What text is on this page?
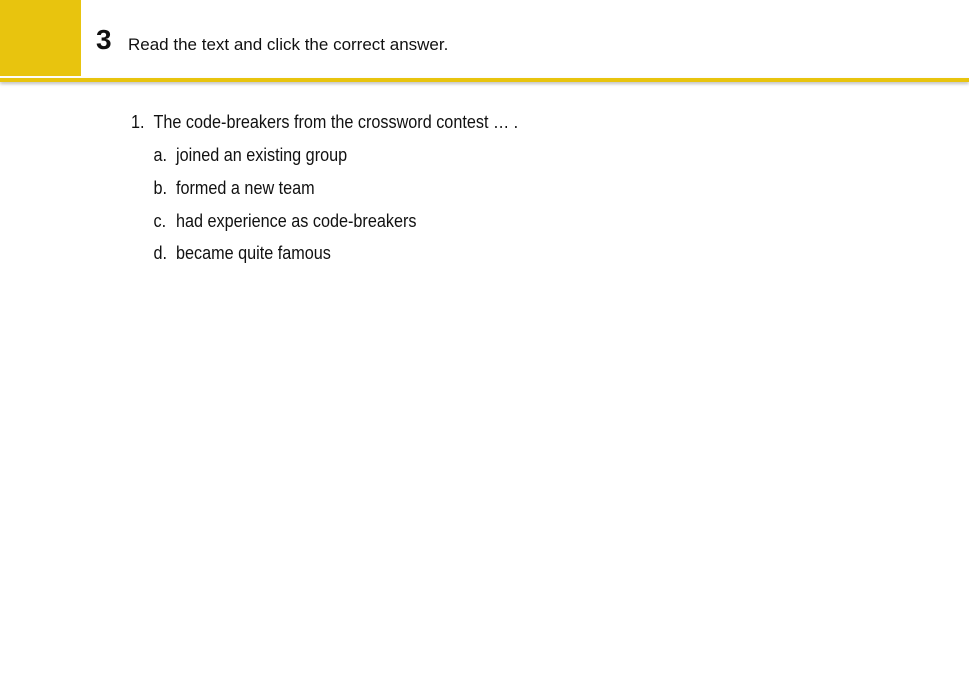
3 Read the text and click the correct answer.
1. The code-breakers from the crossword contest … .
a. joined an existing group
b. formed a new team
c. had experience as code-breakers
d. became quite famous
